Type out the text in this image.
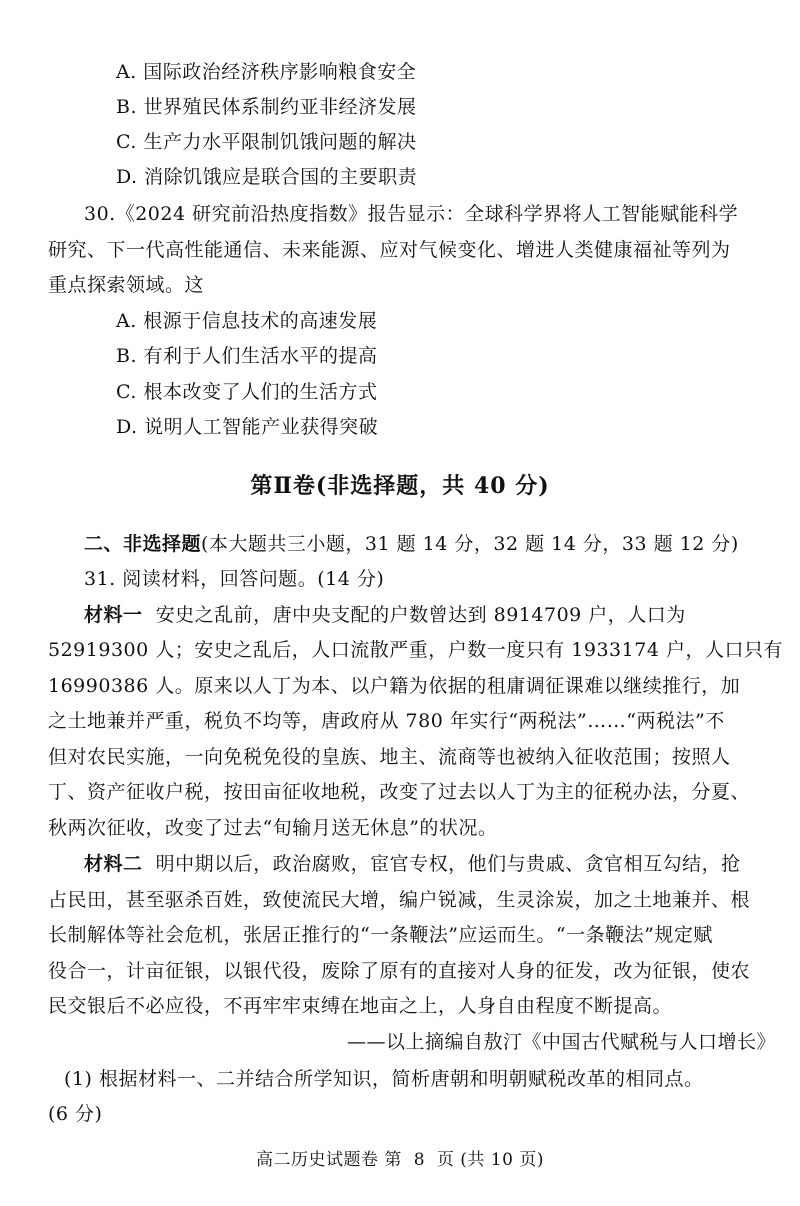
A. 国际政治经济秩序影响粮食安全
B. 世界殖民体系制约亚非经济发展
C. 生产力水平限制饥饿问题的解决
D. 消除饥饿应是联合国的主要职责
30.《2024 研究前沿热度指数》报告显示：全球科学界将人工智能赋能科学
研究、下一代高性能通信、未来能源、应对气候变化、增进人类健康福祉等列为
重点探索领域。这
A. 根源于信息技术的高速发展
B. 有利于人们生活水平的提高
C. 根本改变了人们的生活方式
D. 说明人工智能产业获得突破
第Ⅱ卷(非选择题，共 40 分)
二、非选择题(本大题共三小题，31 题 14 分，32 题 14 分，33 题 12 分)
31. 阅读材料，回答问题。(14 分)
材料一  安史之乱前，唐中央支配的户数曾达到 8914709 户，人口为
52919300 人；安史之乱后，人口流散严重，户数一度只有 1933174 户，人口只有
16990386 人。原来以人丁为本、以户籍为依据的租庸调征课难以继续推行，加
之土地兼并严重，税负不均等，唐政府从 780 年实行“两税法”……“两税法”不
但对农民实施，一向免税免役的皇族、地主、流商等也被纳入征收范围；按照人
丁、资产征收户税，按田亩征收地税，改变了过去以人丁为主的征税办法，分夏、
秋两次征收，改变了过去“旬输月送无休息”的状况。
材料二  明中期以后，政治腐败，宦官专权，他们与贵戚、贪官相互勾结，抢
占民田，甚至驱杀百姓，致使流民大增，编户锐减，生灵涂炭，加之土地兼并、根
长制解体等社会危机，张居正推行的“一条鞭法”应运而生。“一条鞭法”规定赋
役合一，计亩征银，以银代役，废除了原有的直接对人身的征发，改为征银，使农
民交银后不必应役，不再牢牢束缚在地亩之上，人身自由程度不断提高。
——以上摘编自敖汀《中国古代赋税与人口增长》
(1) 根据材料一、二并结合所学知识，简析唐朝和明朝赋税改革的相同点。
(6 分)
高二历史试题卷 第  8  页 (共 10 页)
